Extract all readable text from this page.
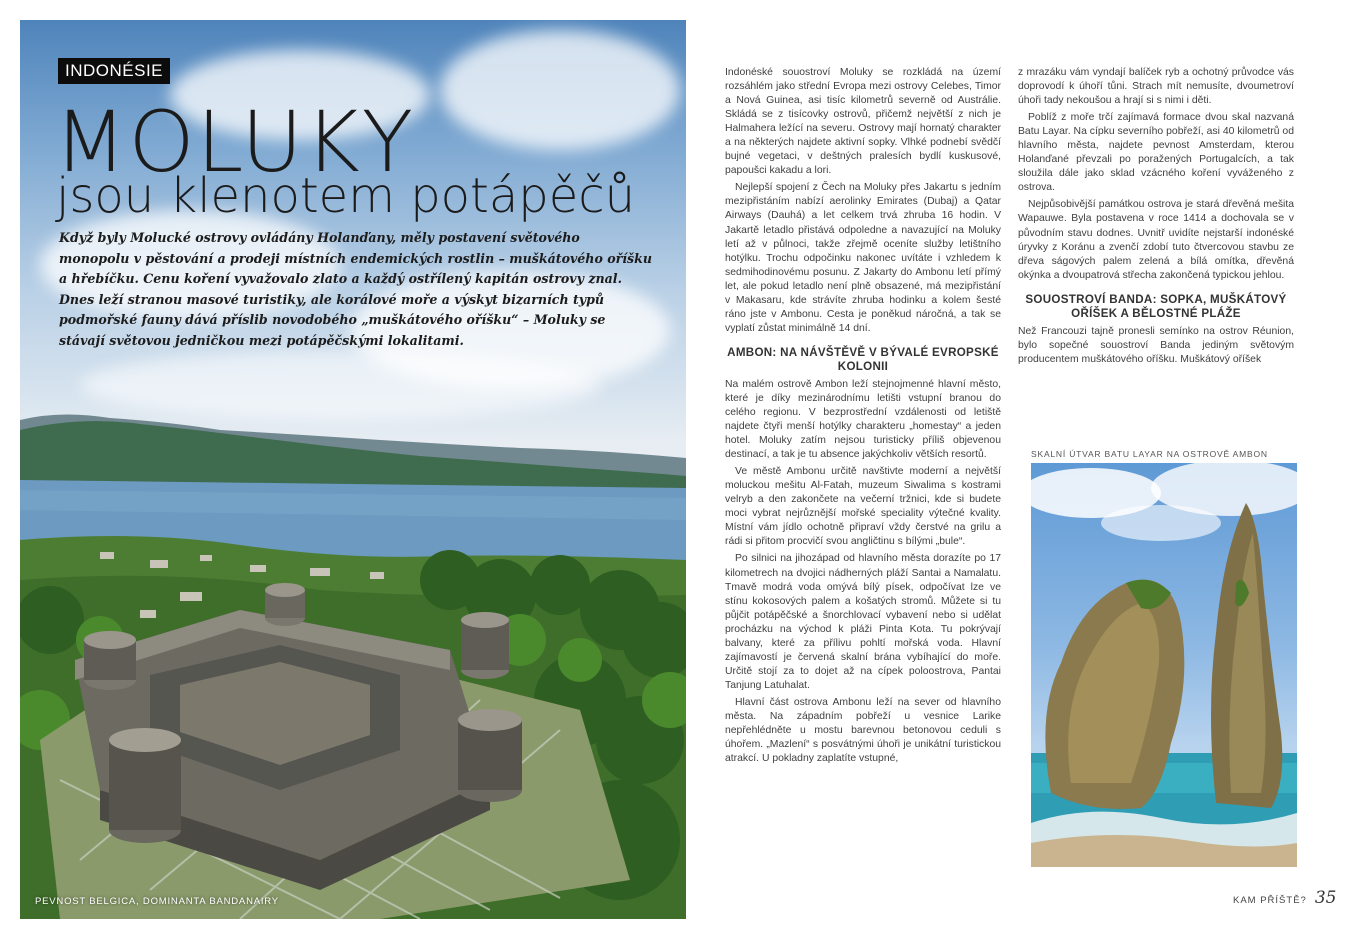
INDONÉSIE
MOLUKY
jsou klenotem potápěčů
Když byly Molucké ostrovy ovládány Holanďany, měly postavení světového monopolu v pěstování a prodeji místních endemických rostlin – muškátového oříšku a hřebíčku. Cenu koření vyvažovalo zlato a každý ostřílený kapitán ostrovy znal. Dnes leží stranou masové turistiky, ale korálové moře a výskyt bizarních typů podmořské fauny dává příslib novodobého „muškátového oříšku“ – Moluky se stávají světovou jedničkou mezi potápěčskými lokalitami.
PEVNOST BELGICA, DOMINANTA BANDANAIRY

Indonéské souostroví Moluky se rozkládá na území rozsáhlém jako střední Evropa mezi ostrovy Celebes, Timor a Nová Guinea, asi tisíc kilometrů severně od Austrálie. Skládá se z tisícovky ostrovů, přičemž největší z nich je Halmahera ležící na severu. Ostrovy mají hornatý charakter a na některých najdete aktivní sopky. Vlhké podnebí svědčí bujné vegetaci, v deštných pralesích bydlí kuskusové, papoušci kakadu a lori.

Nejlepší spojení z Čech na Moluky přes Jakartu s jedním mezipřistáním nabízí aerolinky Emirates (Dubaj) a Qatar Airways (Dauhá) a let celkem trvá zhruba 16 hodin. V Jakartě letadlo přistává odpoledne a navazující na Moluky letí až v půlnoci, takže zřejmě oceníte služby letištního hotýlku. Trochu odpočinku nakonec uvítáte i vzhledem k sedmihodinovému posunu. Z Jakarty do Ambonu letí přímý let, ale pokud letadlo není plně obsazené, má mezipřistání v Makasaru, kde strávíte zhruba hodinku a kolem šesté ráno jste v Ambonu. Cesta je poněkud náročná, a tak se vyplatí zůstat minimálně 14 dní.

AMBON: NA NÁVŠTĚVĚ V BÝVALÉ EVROPSKÉ KOLONII

Na malém ostrově Ambon leží stejnojmenné hlavní město, které je díky mezinárodnímu letišti vstupní branou do celého regionu. V bezprostřední vzdálenosti od letiště najdete čtyři menší hotýlky charakteru „homestay“ a jeden hotel. Moluky zatím nejsou turisticky příliš objevenou destinací, a tak je tu absence jakýchkoliv větších resortů.

Ve městě Ambonu určitě navštivte moderní a největší moluckou mešitu Al-Fatah, muzeum Siwalima s kostrami velryb a den zakončete na večerní tržnici, kde si budete moci vybrat nejrůznější mořské speciality výtečné kvality. Místní vám jídlo ochotně připraví vždy čerstvé na grilu a rádi si přitom procvičí svou angličtinu s bílými „bule“.

Po silnici na jihozápad od hlavního města dorazíte po 17 kilometrech na dvojici nádherných pláží Santai a Namalatu. Tmavě modrá voda omývá bílý písek, odpočívat lze ve stínu kokosových palem a košatých stromů. Můžete si tu půjčit potápěčské a šnorchlovací vybavení nebo si udělat procházku na východ k pláži Pinta Kota. Tu pokrývají balvany, které za přílivu pohltí mořská voda. Hlavní zajímavostí je červená skalní brána vybíhající do moře. Určitě stojí za to dojet až na cípek poloostrova, Pantai Tanjung Latuhalat.

Hlavní část ostrova Ambonu leží na sever od hlavního města. Na západním pobřeží u vesnice Larike nepřehlédněte u mostu barevnou betonovou ceduli s úhořem. „Mazlení“ s posvátnými úhoři je unikátní turistickou atrakcí. U pokladny zaplatíte vstupné,

z mrazáku vám vyndají balíček ryb a ochotný průvodce vás doprovodí k úhoří tůni. Strach mít nemusíte, dvoumetroví úhoři tady nekoušou a hrají si s nimi i děti.

Poblíž z moře trčí zajímavá formace dvou skal nazvaná Batu Layar. Na cípku severního pobřeží, asi 40 kilometrů od hlavního města, najdete pevnost Amsterdam, kterou Holanďané převzali po poražených Portugalcích, a tak sloužila dále jako sklad vzácného koření vyváženého z ostrova.

Nejpůsobivější památkou ostrova je stará dřevěná mešita Wapauwe. Byla postavena v roce 1414 a dochovala se v původním stavu dodnes. Uvnitř uvidíte nejstarší indonéské úryvky z Koránu a zvenčí zdobí tuto čtvercovou stavbu ze dřeva ságových palem zelená a bílá omítka, dřevěná okýnka a dvoupatrová střecha zakončená typickou jehlou.

SOUOSTROVÍ BANDA: SOPKA, MUŠKÁTOVÝ OŘÍŠEK A BĚLOSTNÉ PLÁŽE

Než Francouzi tajně pronesli semínko na ostrov Réunion, bylo sopečné souostroví Banda jediným světovým producentem muškátového oříšku. Muškátový oříšek

SKALNÍ ÚTVAR BATU LAYAR NA OSTROVĚ AMBON
KAM PŘÍŠTĚ? 35
